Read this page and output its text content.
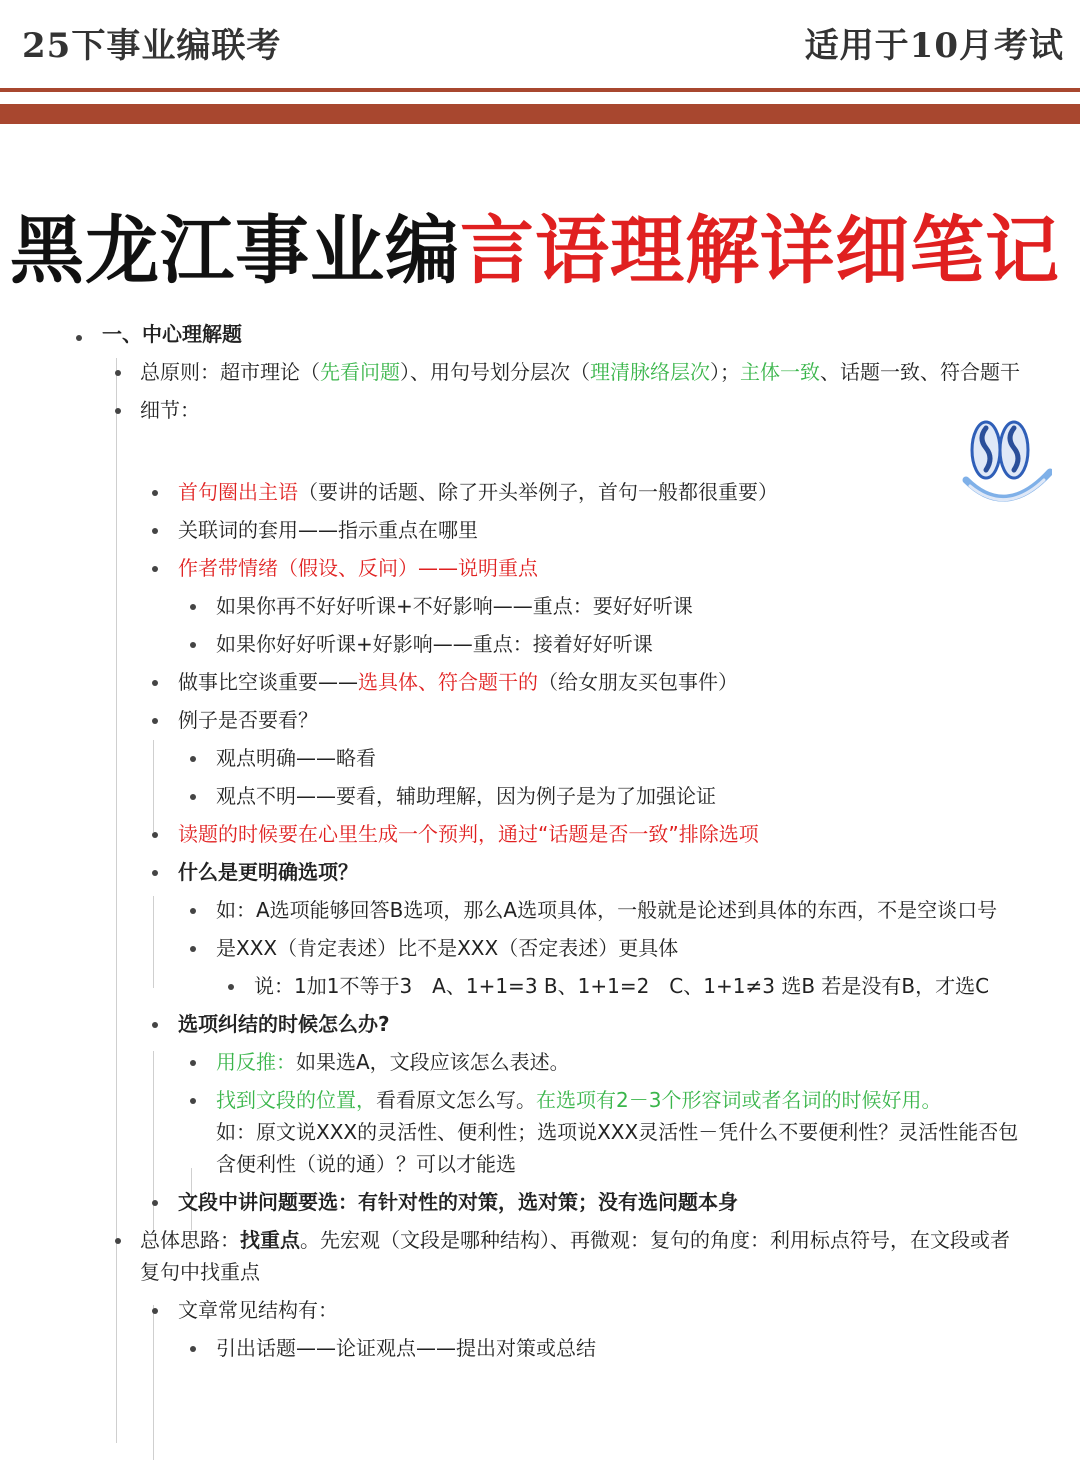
25下事业编联考	适用于10月考试
黑龙江事业编言语理解详细笔记
一、中心理解题
总原则：超市理论（先看问题）、用句号划分层次（理清脉络层次）；主体一致、话题一致、符合题干
细节：
首句圈出主语（要讲的话题、除了开头举例子，首句一般都很重要）
关联词的套用——指示重点在哪里
作者带情绪（假设、反问）——说明重点
如果你再不好好听课+不好影响——重点：要好好听课
如果你好好听课+好影响——重点：接着好好听课
做事比空谈重要——选具体、符合题干的（给女朋友买包事件）
例子是否要看？
观点明确——略看
观点不明——要看，辅助理解，因为例子是为了加强论证
读题的时候要在心里生成一个预判，通过“话题是否一致”排除选项
什么是更明确选项？
如：A选项能够回答B选项，那么A选项具体，一般就是论述到具体的东西，不是空谈口号
是XXX（肯定表述）比不是XXX（否定表述）更具体
说：1加1不等于3　A、1+1=3 B、1+1=2　C、1+1≠3 选B 若是没有B，才选C
选项纠结的时候怎么办?
用反推：如果选A，文段应该怎么表述。
找到文段的位置，看看原文怎么写。在选项有2－3个形容词或者名词的时候好用。
如：原文说XXX的灵活性、便利性；选项说XXX灵活性－凭什么不要便利性？灵活性能否包含便利性（说的通）？可以才能选
文段中讲问题要选：有针对性的对策，选对策；没有选问题本身
总体思路：找重点。先宏观（文段是哪种结构）、再微观：复句的角度：利用标点符号，在文段或者复句中找重点
文章常见结构有：
引出话题——论证观点——提出对策或总结
